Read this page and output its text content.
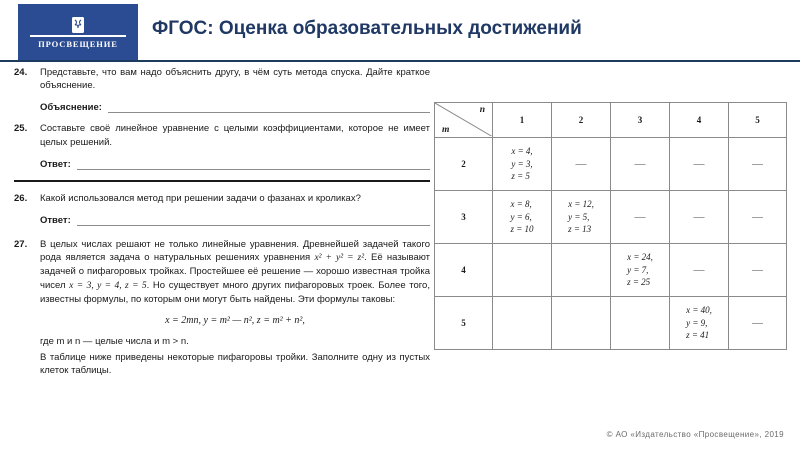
ПРОСВЕЩЕНИЕ
ФГОС: Оценка образовательных достижений
24.	Представьте, что вам надо объяснить другу, в чём суть метода спуска. Дайте краткое объяснение.

Объяснение:
25.	Составьте своё линейное уравнение с целыми коэффициентами, которое не имеет целых решений.

Ответ:
26.	Какой использовался метод при решении задачи о фазанах и кроликах?

Ответ:
27.	В целых числах решают не только линейные уравнения. Древнейшей задачей такого рода является задача о натуральных решениях уравнения x² + y² = z². Её называют задачей о пифагоровых тройках. Простейшее её решение — хорошо известная тройка чисел x = 3, y = 4, z = 5. Но существует много других пифагоровых троек. Более того, известны формулы, по которым они могут быть найдены. Эти формулы таковы:

x = 2mn, y = m² — n², z = m² + n²,

где m и n — целые числа и m > n.

В таблице ниже приведены некоторые пифагоровы тройки. Заполните одну из пустых клеток таблицы.

n
m	1	2	3	4	5
2	x = 4,
y = 3,
z = 5	—	—	—	—
3	x = 8,
y = 6,
z = 10	x = 12,
y = 5,
z = 13	—	—	—
4			x = 24,
y = 7,
z = 25	—	—
5				x = 40,
y = 9,
z = 41	—
© АО «Издательство «Просвещение», 2019
